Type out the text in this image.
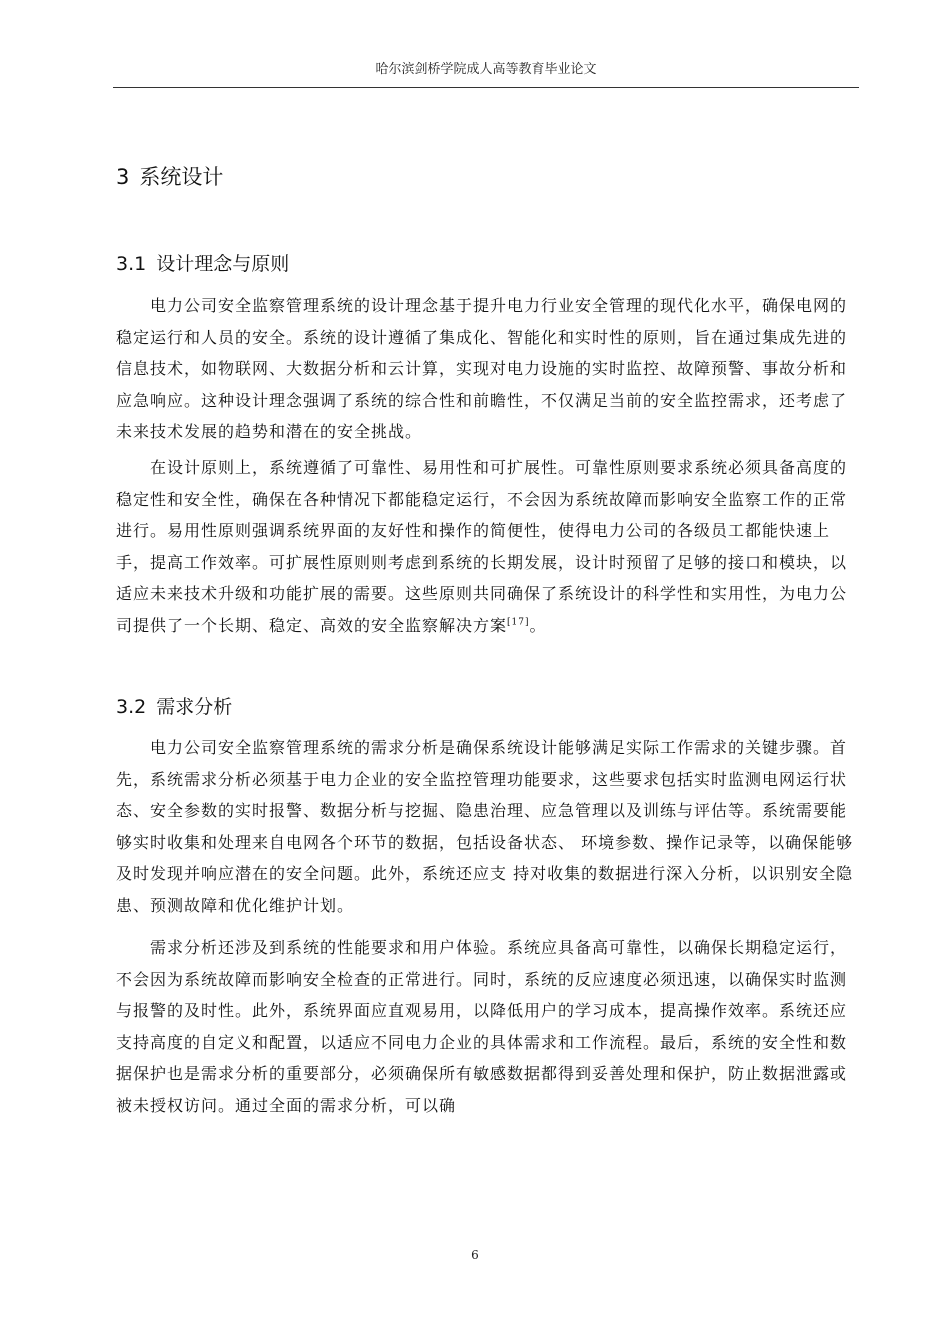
哈尔滨剑桥学院成人高等教育毕业论文
3 系统设计
3.1 设计理念与原则

电力公司安全监察管理系统的设计理念基于提升电力行业安全管理的现代化水平，确保电网的稳定运行和人员的安全。系统的设计遵循了集成化、智能化和实时性的原则，旨在通过集成先进的信息技术，如物联网、大数据分析和云计算，实现对电力设施的实时监控、故障预警、事故分析和应急响应。这种设计理念强调了系统的综合性和前瞻性，不仅满足当前的安全监控需求，还考虑了未来技术发展的趋势和潜在的安全挑战。

在设计原则上，系统遵循了可靠性、易用性和可扩展性。可靠性原则要求系统必须具备高度的稳定性和安全性，确保在各种情况下都能稳定运行，不会因为系统故障而影响安全监察工作的正常进行。易用性原则强调系统界面的友好性和操作的简便性，使得电力公司的各级员工都能快速上手，提高工作效率。可扩展性原则则考虑到系统的长期发展，设计时预留了足够的接口和模块，以适应未来技术升级和功能扩展的需要。这些原则共同确保了系统设计的科学性和实用性，为电力公司提供了一个长期、稳定、高效的安全监察解决方案[17]。

3.2 需求分析

电力公司安全监察管理系统的需求分析是确保系统设计能够满足实际工作需求的关键步骤。首先，系统需求分析必须基于电力企业的安全监控管理功能要求，这些要求包括实时监测电网运行状态、安全参数的实时报警、数据分析与挖掘、隐患治理、应急管理以及训练与评估等。系统需要能够实时收集和处理来自电网各个环节的数据，包括设备状态、 环境参数、操作记录等，以确保能够及时发现并响应潜在的安全问题。此外，系统还应支 持对收集的数据进行深入分析，以识别安全隐患、预测故障和优化维护计划。

需求分析还涉及到系统的性能要求和用户体验。系统应具备高可靠性，以确保长期稳定运行，不会因为系统故障而影响安全检查的正常进行。同时，系统的反应速度必须迅速，以确保实时监测与报警的及时性。此外，系统界面应直观易用，以降低用户的学习成本，提高操作效率。系统还应支持高度的自定义和配置，以适应不同电力企业的具体需求和工作流程。最后，系统的安全性和数据保护也是需求分析的重要部分，必须确保所有敏感数据都得到妥善处理和保护，防止数据泄露或被未授权访问。通过全面的需求分析，可以确

6
